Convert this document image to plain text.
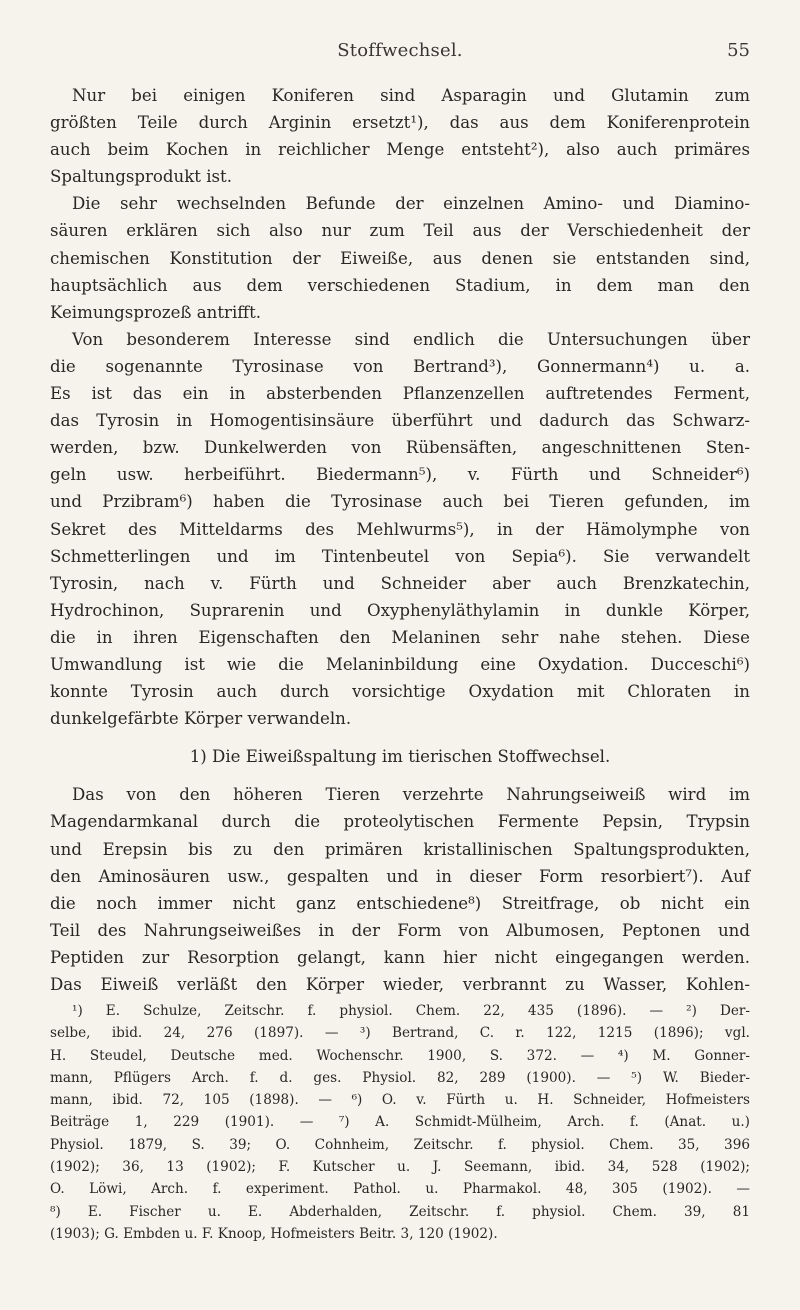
Stoffwechsel.	55
Nur bei einigen Koniferen sind Asparagin und Glutamin zum
größten Teile durch Arginin ersetzt¹), das aus dem Koniferenprotein
auch beim Kochen in reichlicher Menge entsteht²), also auch primäres
Spaltungsprodukt ist.
Die sehr wechselnden Befunde der einzelnen Amino- und Diamino-
säuren erklären sich also nur zum Teil aus der Verschiedenheit der
chemischen Konstitution der Eiweiße, aus denen sie entstanden sind,
hauptsächlich aus dem verschiedenen Stadium, in dem man den
Keimungsprozeß antrifft.
Von besonderem Interesse sind endlich die Untersuchungen über
die sogenannte Tyrosinase von Bertrand³), Gonnermann⁴) u. a.
Es ist das ein in absterbenden Pflanzenzellen auftretendes Ferment,
das Tyrosin in Homogentisinsäure überführt und dadurch das Schwarz-
werden, bzw. Dunkelwerden von Rübensäften, angeschnittenen Sten-
geln usw. herbeiführt. Biedermann⁵), v. Fürth und Schneider⁶)
und Przibram⁶) haben die Tyrosinase auch bei Tieren gefunden, im
Sekret des Mitteldarms des Mehlwurms⁵), in der Hämolymphe von
Schmetterlingen und im Tintenbeutel von Sepia⁶). Sie verwandelt
Tyrosin, nach v. Fürth und Schneider aber auch Brenzkatechin,
Hydrochinon, Suprarenin und Oxyphenyläthylamin in dunkle Körper,
die in ihren Eigenschaften den Melaninen sehr nahe stehen. Diese
Umwandlung ist wie die Melaninbildung eine Oxydation. Ducceschi⁶)
konnte Tyrosin auch durch vorsichtige Oxydation mit Chloraten in
dunkelgefärbte Körper verwandeln.
1) Die Eiweißspaltung im tierischen Stoffwechsel.
Das von den höheren Tieren verzehrte Nahrungseiweiß wird im
Magendarmkanal durch die proteolytischen Fermente Pepsin, Trypsin
und Erepsin bis zu den primären kristallinischen Spaltungsprodukten,
den Aminosäuren usw., gespalten und in dieser Form resorbiert⁷). Auf
die noch immer nicht ganz entschiedene⁸) Streitfrage, ob nicht ein
Teil des Nahrungseiweißes in der Form von Albumosen, Peptonen und
Peptiden zur Resorption gelangt, kann hier nicht eingegangen werden.
Das Eiweiß verläßt den Körper wieder, verbrannt zu Wasser, Kohlen-
¹) E. Schulze, Zeitschr. f. physiol. Chem. 22, 435 (1896). — ²) Der-
selbe, ibid. 24, 276 (1897). — ³) Bertrand, C. r. 122, 1215 (1896); vgl.
H. Steudel, Deutsche med. Wochenschr. 1900, S. 372. — ⁴) M. Gonner-
mann, Pflügers Arch. f. d. ges. Physiol. 82, 289 (1900). — ⁵) W. Bieder-
mann, ibid. 72, 105 (1898). — ⁶) O. v. Fürth u. H. Schneider, Hofmeisters
Beiträge 1, 229 (1901). — ⁷) A. Schmidt-Mülheim, Arch. f. (Anat. u.)
Physiol. 1879, S. 39; O. Cohnheim, Zeitschr. f. physiol. Chem. 35, 396
(1902); 36, 13 (1902); F. Kutscher u. J. Seemann, ibid. 34, 528 (1902);
O. Löwi, Arch. f. experiment. Pathol. u. Pharmakol. 48, 305 (1902). —
⁸) E. Fischer u. E. Abderhalden, Zeitschr. f. physiol. Chem. 39, 81
(1903); G. Embden u. F. Knoop, Hofmeisters Beitr. 3, 120 (1902).
